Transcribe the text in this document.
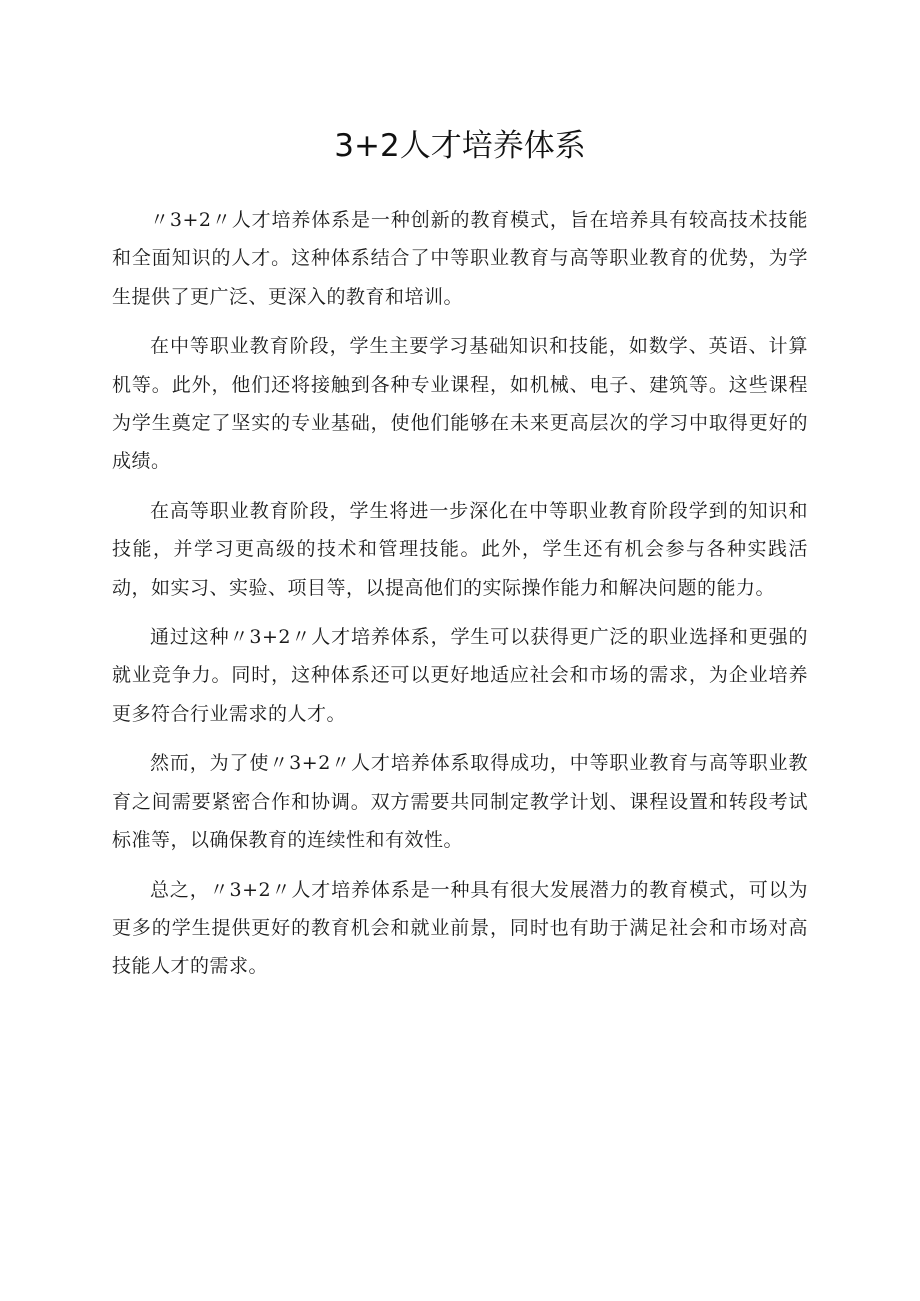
3+2人才培养体系

〃3+2〃人才培养体系是一种创新的教育模式，旨在培养具有较高技术技能和全面知识的人才。这种体系结合了中等职业教育与高等职业教育的优势，为学生提供了更广泛、更深入的教育和培训。

在中等职业教育阶段，学生主要学习基础知识和技能，如数学、英语、计算机等。此外，他们还将接触到各种专业课程，如机械、电子、建筑等。这些课程为学生奠定了坚实的专业基础，使他们能够在未来更高层次的学习中取得更好的成绩。

在高等职业教育阶段，学生将进一步深化在中等职业教育阶段学到的知识和技能，并学习更高级的技术和管理技能。此外，学生还有机会参与各种实践活动，如实习、实验、项目等，以提高他们的实际操作能力和解决问题的能力。

通过这种〃3+2〃人才培养体系，学生可以获得更广泛的职业选择和更强的就业竞争力。同时，这种体系还可以更好地适应社会和市场的需求，为企业培养更多符合行业需求的人才。

然而，为了使〃3+2〃人才培养体系取得成功，中等职业教育与高等职业教育之间需要紧密合作和协调。双方需要共同制定教学计划、课程设置和转段考试标准等，以确保教育的连续性和有效性。

总之，〃3+2〃人才培养体系是一种具有很大发展潜力的教育模式，可以为更多的学生提供更好的教育机会和就业前景，同时也有助于满足社会和市场对高技能人才的需求。
